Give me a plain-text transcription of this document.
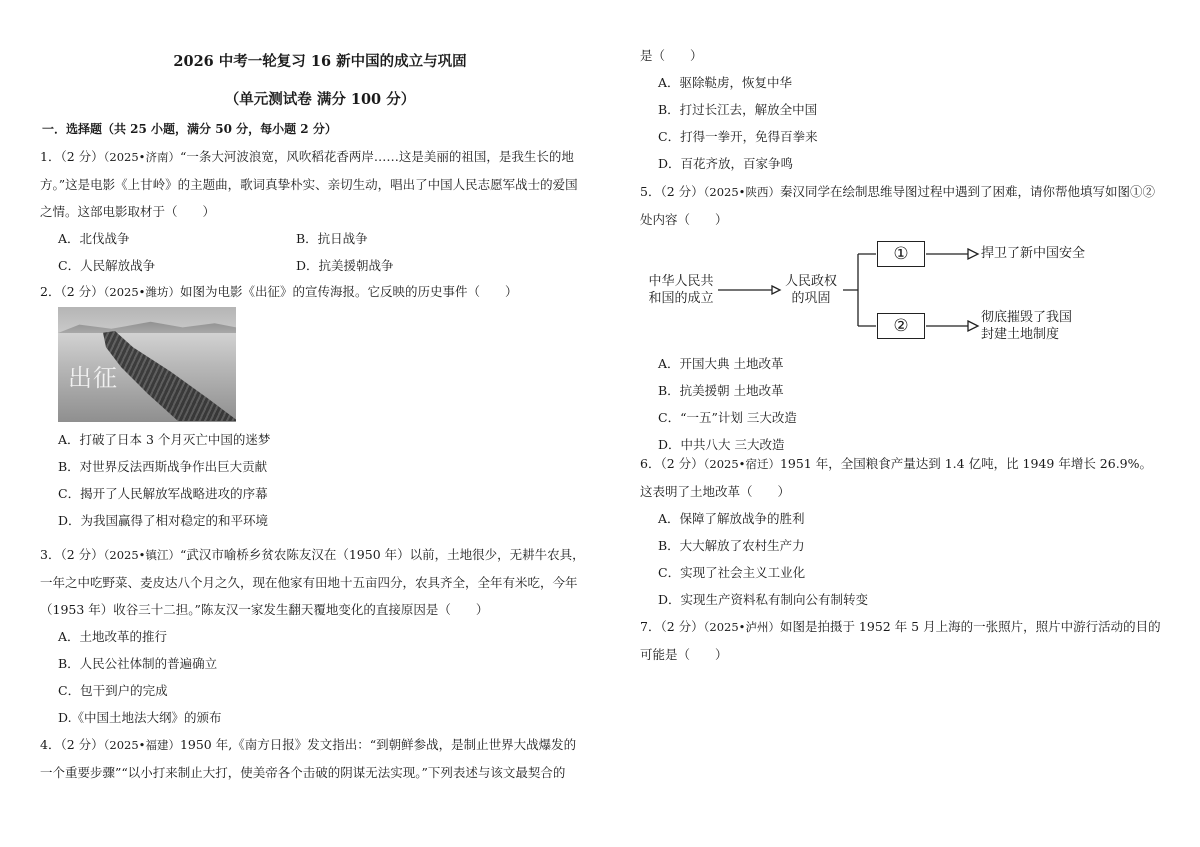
2026 中考一轮复习 16 新中国的成立与巩固
（单元测试卷 满分 100 分）
一．选择题（共 25 小题，满分 50 分，每小题 2 分）

1．（2 分）（2025•济南）“一条大河波浪宽，风吹稻花香两岸……这是美丽的祖国，是我生长的地方。”这是电影《上甘岭》的主题曲，歌词真挚朴实、亲切生动，唱出了中国人民志愿军战士的爱国之情。这部电影取材于（　　）

A．北伐战争	B．抗日战争
C．人民解放战争	D．抗美援朝战争

2．（2 分）（2025•潍坊）如图为电影《出征》的宣传海报。它反映的历史事件（　　）

出征
A．打破了日本 3 个月灭亡中国的迷梦
B．对世界反法西斯战争作出巨大贡献
C．揭开了人民解放军战略进攻的序幕
D．为我国赢得了相对稳定的和平环境

3．（2 分）（2025•镇江）“武汉市喻桥乡贫农陈友汉在（1950 年）以前，土地很少，无耕牛农具，一年之中吃野菜、麦皮达八个月之久，现在他家有田地十五亩四分，农具齐全，全年有米吃，今年（1953 年）收谷三十二担。”陈友汉一家发生翻天覆地变化的直接原因是（　　）

A．土地改革的推行
B．人民公社体制的普遍确立
C．包干到户的完成
D.《中国土地法大纲》的颁布

4．（2 分）（2025•福建）1950 年,《南方日报》发文指出：“到朝鲜参战，是制止世界大战爆发的一个重要步骤”“以小打来制止大打，使美帝各个击破的阴谋无法实现。”下列表述与该文最契合的

是（　　）

A．驱除鞑虏，恢复中华
B．打过长江去，解放全中国
C．打得一拳开，免得百拳来
D．百花齐放，百家争鸣

5．（2 分）（2025•陕西）秦汉同学在绘制思维导图过程中遇到了困难，请你帮他填写如图①②处内容（　　）

中华人民共
和国的成立
人民政权
的巩固
①
②
捍卫了新中国安全
彻底摧毁了我国
封建土地制度
A．开国大典 土地改革
B．抗美援朝 土地改革
C．“一五”计划 三大改造
D．中共八大 三大改造

6．（2 分）（2025•宿迁）1951 年，全国粮食产量达到 1.4 亿吨，比 1949 年增长 26.9%。这表明了土地改革（　　）

A．保障了解放战争的胜利
B．大大解放了农村生产力
C．实现了社会主义工业化
D．实现生产资料私有制向公有制转变

7．（2 分）（2025•泸州）如图是拍摄于 1952 年 5 月上海的一张照片，照片中游行活动的目的可能是（　　）
